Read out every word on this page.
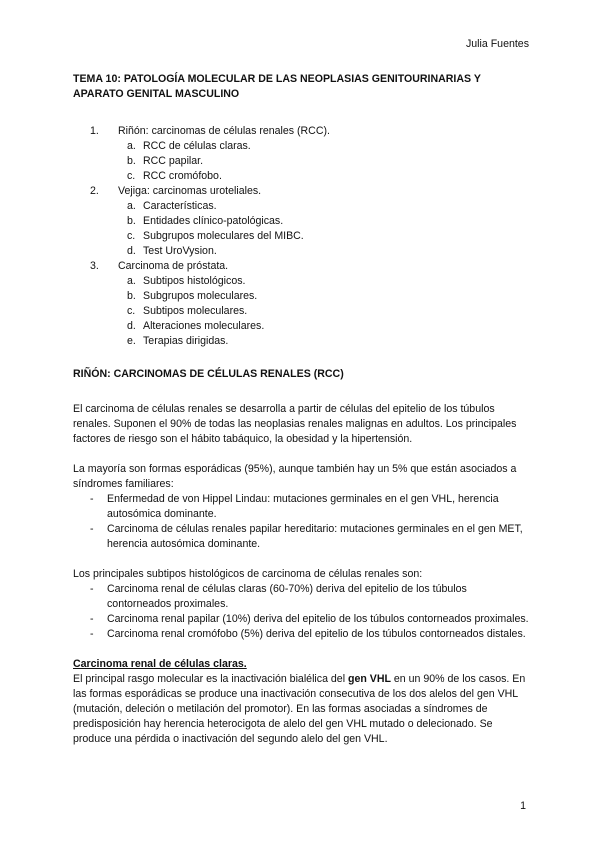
Julia Fuentes
TEMA 10: PATOLOGÍA MOLECULAR DE LAS NEOPLASIAS GENITOURINARIAS Y
APARATO GENITAL MASCULINO
1. Riñón: carcinomas de células renales (RCC).
a. RCC de células claras.
b. RCC papilar.
c. RCC cromófobo.
2. Vejiga: carcinomas uroteliales.
a. Características.
b. Entidades clínico-patológicas.
c. Subgrupos moleculares del MIBC.
d. Test UroVysion.
3. Carcinoma de próstata.
a. Subtipos histológicos.
b. Subgrupos moleculares.
c. Subtipos moleculares.
d. Alteraciones moleculares.
e. Terapias dirigidas.
RIÑÓN: CARCINOMAS DE CÉLULAS RENALES (RCC)

El carcinoma de células renales se desarrolla a partir de células del epitelio de los túbulos renales. Suponen el 90% de todas las neoplasias renales malignas en adultos. Los principales factores de riesgo son el hábito tabáquico, la obesidad y la hipertensión.

La mayoría son formas esporádicas (95%), aunque también hay un 5% que están asociados a síndromes familiares:

- Enfermedad de von Hippel Lindau: mutaciones germinales en el gen VHL, herencia autosómica dominante.
- Carcinoma de células renales papilar hereditario: mutaciones germinales en el gen MET, herencia autosómica dominante.

Los principales subtipos histológicos de carcinoma de células renales son:

- Carcinoma renal de células claras (60-70%) deriva del epitelio de los túbulos contorneados proximales.
- Carcinoma renal papilar (10%) deriva del epitelio de los túbulos contorneados proximales.
- Carcinoma renal cromófobo (5%) deriva del epitelio de los túbulos contorneados distales.
Carcinoma renal de células claras.

El principal rasgo molecular es la inactivación bialélica del gen VHL en un 90% de los casos. En las formas esporádicas se produce una inactivación consecutiva de los dos alelos del gen VHL (mutación, deleción o metilación del promotor). En las formas asociadas a síndromes de predisposición hay herencia heterocigota de alelo del gen VHL mutado o delecionado. Se produce una pérdida o inactivación del segundo alelo del gen VHL.

1
